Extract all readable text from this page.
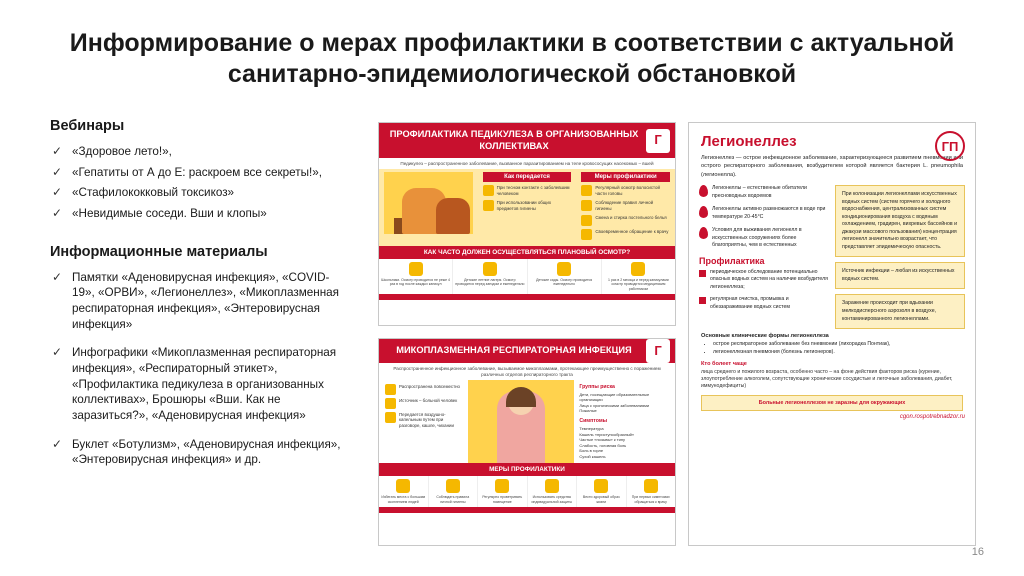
Информирование о мерах профилактики в соответствии с актуальной санитарно-эпидемиологической обстановкой
Вебинары
✓ «Здоровое лето!»,
✓ «Гепатиты от А до Е: раскроем все секреты!»,
✓ «Стафилококковый токсикоз»
✓ «Невидимые соседи. Вши и клопы»
Информационные материалы
✓ Памятки «Аденовирусная инфекция», «COVID-19», «ОРВИ», «Легионеллез», «Микоплазменная респираторная инфекция», «Энтеровирусная инфекция»
✓ Инфографики «Микоплазменная респираторная инфекция», «Респираторный этикет», «Профилактика педикулеза в организованных коллективах», Брошюры «Вши. Как не заразиться?», «Аденовирусная инфекция»
✓ Буклет «Ботулизм», «Аденовирусная инфекция», «Энтеровирусная инфекция» и др.
ПРОФИЛАКТИКА ПЕДИКУЛЕЗА В ОРГАНИЗОВАННЫХ КОЛЛЕКТИВАХ	Г
Педикулез – распространенное заболевание, вызванное паразитированием на теле кровососущих насекомых – вшей
Как передается
При тесном контакте с заболевшим человеком
При использовании общих предметов гигиены
Меры профилактики
Регулярный осмотр волосистой части головы
Соблюдение правил личной гигиены
Смена и стирка постельного белья
Своевременное обращение к врачу
КАК ЧАСТО ДОЛЖЕН ОСУЩЕСТВЛЯТЬСЯ ПЛАНОВЫЙ ОСМОТР?
Школьники. Осмотр проводится не реже 4 раз в год после каждых каникул
Детские летние лагеря. Осмотр проводится перед заездом и еженедельно
Детские сады. Осмотр проводится еженедельно
1 раз в 2 месяца и перед каникулами осмотр проводится медицинским работником
МИКОПЛАЗМЕННАЯ РЕСПИРАТОРНАЯ ИНФЕКЦИЯ	Г
Распространенное инфекционное заболевание, вызываемое микоплазмами, протекающее преимущественно с поражением различных отделов респираторного тракта
Распространена повсеместно
Источник – больной человек
Передается воздушно-капельным путем при разговоре, кашле, чихании
Группы риска
Дети, посещающие образовательные организации
Лица с хроническими заболеваниями
Пожилые
Симптомы
Температура
Кашель «приступообразный»
Частые «позывы» к типу
Слабость, головная боль
Боль в горле
Сухой кашель
МЕРЫ ПРОФИЛАКТИКИ
Избегать места с большим скоплением людей
Соблюдать правила личной гигиены
Регулярно проветривать помещение
Использовать средства индивидуальной защиты
Вести здоровый образ жизни
При первых симптомах обращаться к врачу
ГП
Легионеллез
Легионеллез — острое инфекционное заболевание, характеризующееся развитием пневмонии или острого респираторного заболевания, возбудителем которой является бактерия L. pneumophila (легионелла).
Легионеллы – естественные обитатели пресноводных водоемов
Легионеллы активно размножаются в воде при температуре 20-45°С
Условия для выживания легионелл в искусственных сооружениях более благоприятны, чем в естественных
Профилактика
периодическое обследование потенциально опасных водных систем на наличие возбудителя легионеллеза;
регулярная очистка, промывка и обеззараживание водных систем
При колонизации легионеллами искусственных водных систем (систем горячего и холодного водоснабжения, централизованных систем кондиционирования воздуха с водяным охлаждением, градирен, вихревых бассейнов и джакузи массового пользования) концентрация легионелл значительно возрастает, что представляет эпидемическую опасность.
Источник инфекции – любая из искусственных водных систем.
Заражение происходит при вдыхании мелкодисперсного аэрозоля в воздухе, контаминированного легионеллами.
Основные клинические формы легионеллеза
• острое респираторное заболевание без пневмонии (лихорадка Понтиак),
• легионеллезная пневмония (болезнь легионеров).
Кто болеет чаще
лица среднего и пожилого возраста, особенно часто – на фоне действия факторов риска (курение, злоупотребление алкоголем, сопутствующие хронические сосудистые и легочные заболевания, диабет, иммунодефициты)
Больные легионеллезом не заразны для окружающих
cgon.rospotrebnadzor.ru
16
